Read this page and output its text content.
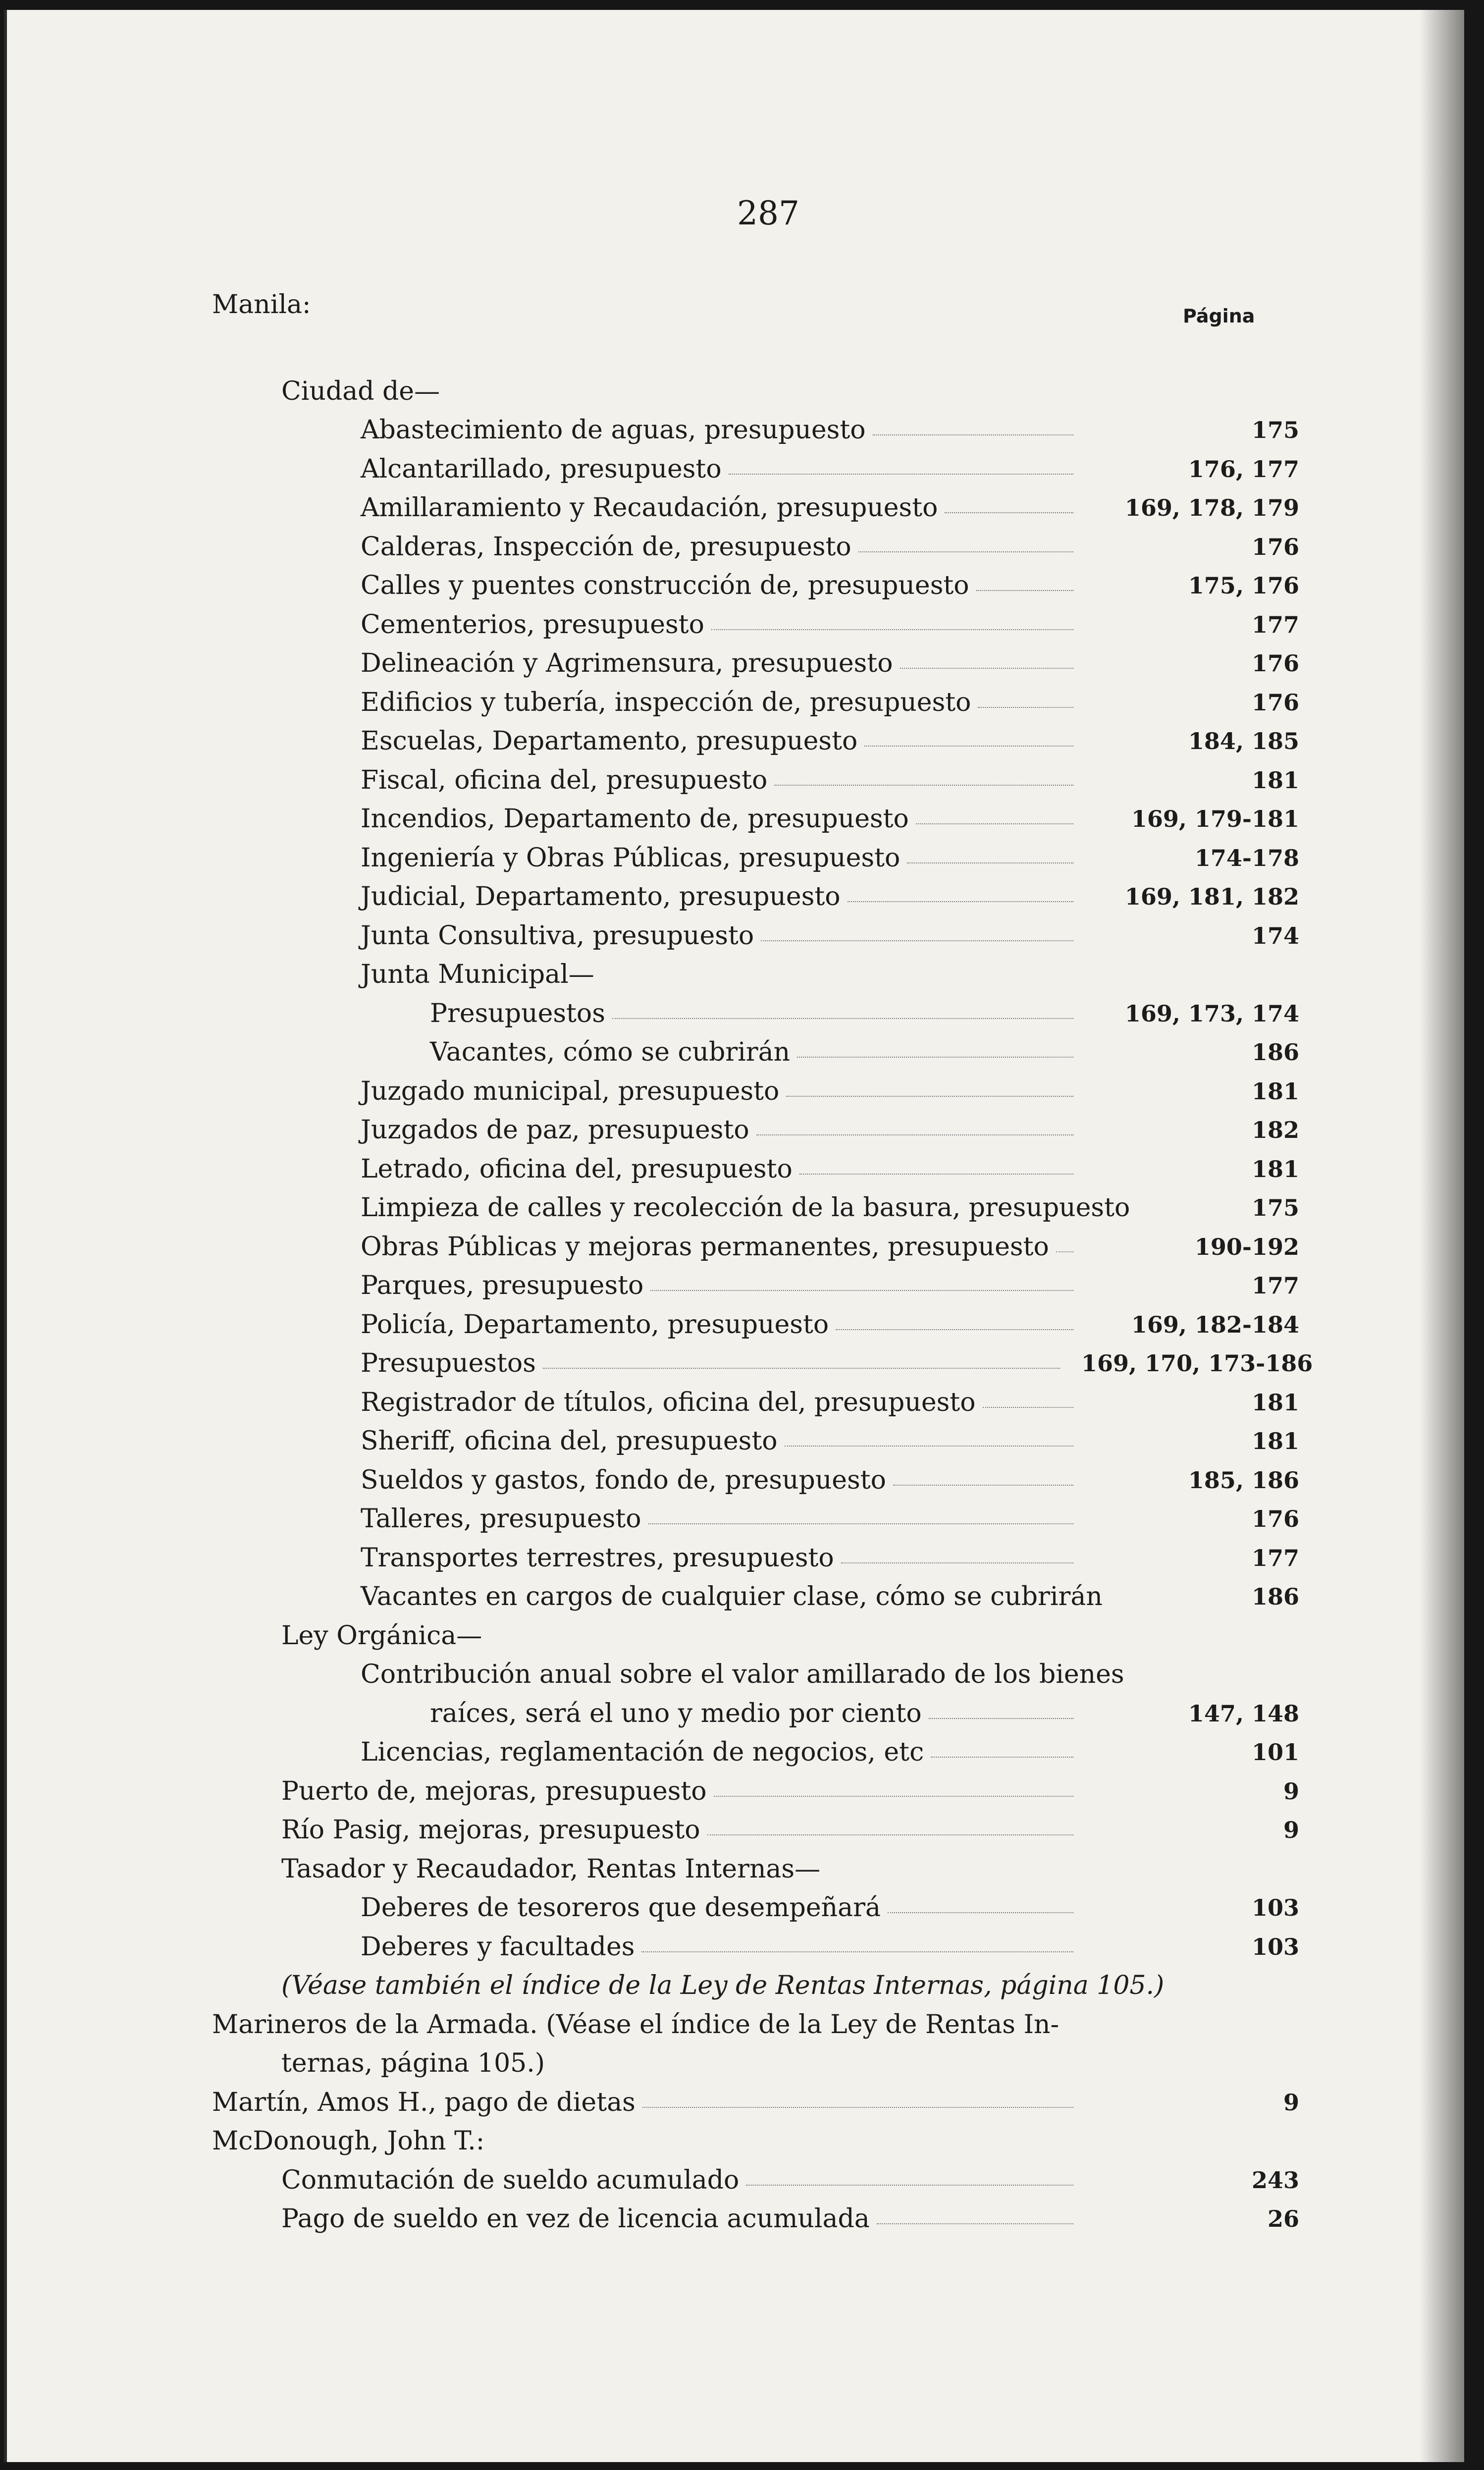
287
Página
Manila:
Ciudad de—
Abastecimiento de aguas, presupuesto	175
Alcantarillado, presupuesto	176, 177
Amillaramiento y Recaudación, presupuesto	169, 178, 179
Calderas, Inspección de, presupuesto	176
Calles y puentes construcción de, presupuesto	175, 176
Cementerios, presupuesto	177
Delineación y Agrimensura, presupuesto	176
Edificios y tubería, inspección de, presupuesto	176
Escuelas, Departamento, presupuesto	184, 185
Fiscal, oficina del, presupuesto	181
Incendios, Departamento de, presupuesto	169, 179-181
Ingeniería y Obras Públicas, presupuesto	174-178
Judicial, Departamento, presupuesto	169, 181, 182
Junta Consultiva, presupuesto	174
Junta Municipal—
Presupuestos	169, 173, 174
Vacantes, cómo se cubrirán	186
Juzgado municipal, presupuesto	181
Juzgados de paz, presupuesto	182
Letrado, oficina del, presupuesto	181
Limpieza de calles y recolección de la basura, presupuesto	175
Obras Públicas y mejoras permanentes, presupuesto	190-192
Parques, presupuesto	177
Policía, Departamento, presupuesto	169, 182-184
Presupuestos	169, 170, 173-186
Registrador de títulos, oficina del, presupuesto	181
Sheriff, oficina del, presupuesto	181
Sueldos y gastos, fondo de, presupuesto	185, 186
Talleres, presupuesto	176
Transportes terrestres, presupuesto	177
Vacantes en cargos de cualquier clase, cómo se cubrirán	186
Ley Orgánica—
Contribución anual sobre el valor amillarado de los bienes
raíces, será el uno y medio por ciento	147, 148
Licencias, reglamentación de negocios, etc	101
Puerto de, mejoras, presupuesto	9
Río Pasig, mejoras, presupuesto	9
Tasador y Recaudador, Rentas Internas—
Deberes de tesoreros que desempeñará	103
Deberes y facultades	103
(Véase también el índice de la Ley de Rentas Internas, página 105.)
Marineros de la Armada. (Véase el índice de la Ley de Rentas In-
ternas, página 105.)
Martín, Amos H., pago de dietas	9
McDonough, John T.:
Conmutación de sueldo acumulado	243
Pago de sueldo en vez de licencia acumulada	26
